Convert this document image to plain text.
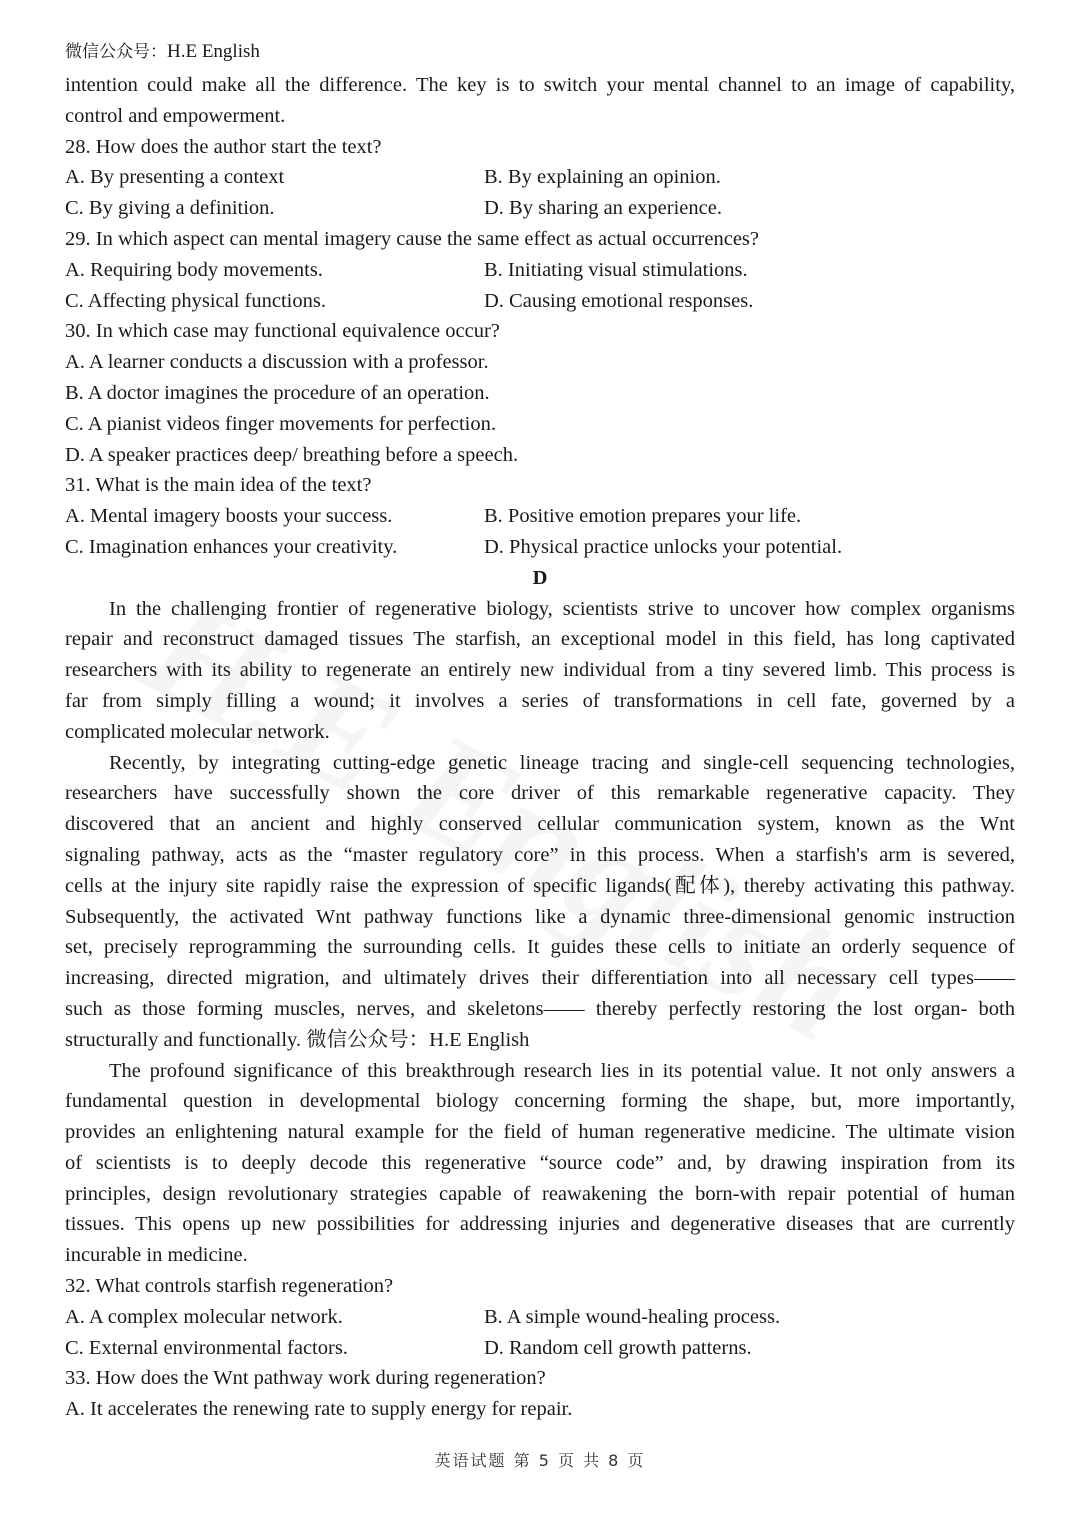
微信公众号：H.E English
intention could make all the difference. The key is to switch your mental channel to an image of capability,
control and empowerment.
28. How does the author start the text?
A. By presenting a context	B. By explaining an opinion.
C. By giving a definition.	D. By sharing an experience.
29. In which aspect can mental imagery cause the same effect as actual occurrences?
A. Requiring body movements.	B. Initiating visual stimulations.
C. Affecting physical functions.	D. Causing emotional responses.
30. In which case may functional equivalence occur?
A. A learner conducts a discussion with a professor.
B. A doctor imagines the procedure of an operation.
C. A pianist videos finger movements for perfection.
D. A speaker practices deep/ breathing before a speech.
31. What is the main idea of the text?
A. Mental imagery boosts your success.	B. Positive emotion prepares your life.
C. Imagination enhances your creativity.	D. Physical practice unlocks your potential.
D
In the challenging frontier of regenerative biology, scientists strive to uncover how complex organisms
repair and reconstruct damaged tissues The starfish, an exceptional model in this field, has long captivated
researchers with its ability to regenerate an entirely new individual from a tiny severed limb. This process is
far from simply filling a wound; it involves a series of transformations in cell fate, governed by a
complicated molecular network.
Recently, by integrating cutting-edge genetic lineage tracing and single-cell sequencing technologies,
researchers have successfully shown the core driver of this remarkable regenerative capacity. They
discovered that an ancient and highly conserved cellular communication system, known as the Wnt
signaling pathway, acts as the “master regulatory core” in this process. When a starfish's arm is severed,
cells at the injury site rapidly raise the expression of specific ligands(配体), thereby activating this pathway.
Subsequently, the activated Wnt pathway functions like a dynamic three-dimensional genomic instruction
set, precisely reprogramming the surrounding cells. It guides these cells to initiate an orderly sequence of
increasing, directed migration, and ultimately drives their differentiation into all necessary cell types——
such as those forming muscles, nerves, and skeletons—— thereby perfectly restoring the lost organ- both
structurally and functionally. 微信公众号：H.E English
The profound significance of this breakthrough research lies in its potential value. It not only answers a
fundamental question in developmental biology concerning forming the shape, but, more importantly,
provides an enlightening natural example for the field of human regenerative medicine. The ultimate vision
of scientists is to deeply decode this regenerative “source code” and, by drawing inspiration from its
principles, design revolutionary strategies capable of reawakening the born-with repair potential of human
tissues. This opens up new possibilities for addressing injuries and degenerative diseases that are currently
incurable in medicine.
32. What controls starfish regeneration?
A. A complex molecular network.	B. A simple wound-healing process.
C. External environmental factors.	D. Random cell growth patterns.
33. How does the Wnt pathway work during regeneration?
A. It accelerates the renewing rate to supply energy for repair.
英语试题 第 5 页 共 8 页
